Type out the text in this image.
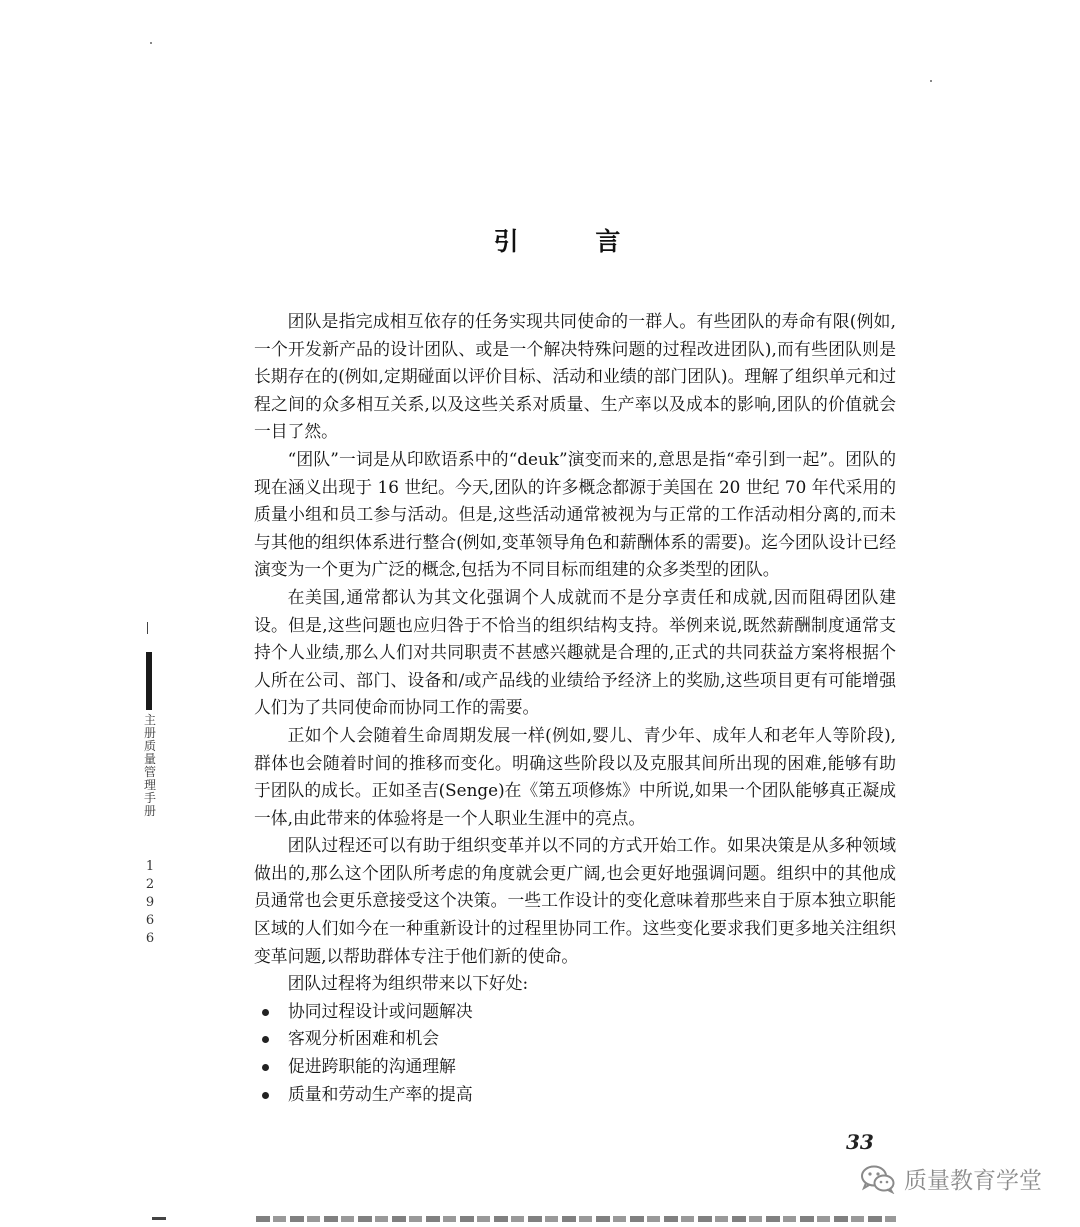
引 言

团队是指完成相互依存的任务实现共同使命的一群人。有些团队的寿命有限(例如,一个开发新产品的设计团队、或是一个解决特殊问题的过程改进团队),而有些团队则是长期存在的(例如,定期碰面以评价目标、活动和业绩的部门团队)。理解了组织单元和过程之间的众多相互关系,以及这些关系对质量、生产率以及成本的影响,团队的价值就会一目了然。

“团队”一词是从印欧语系中的“deuk”演变而来的,意思是指“牵引到一起”。团队的现在涵义出现于 16 世纪。今天,团队的许多概念都源于美国在 20 世纪 70 年代采用的质量小组和员工参与活动。但是,这些活动通常被视为与正常的工作活动相分离的,而未与其他的组织体系进行整合(例如,变革领导角色和薪酬体系的需要)。迄今团队设计已经演变为一个更为广泛的概念,包括为不同目标而组建的众多类型的团队。

在美国,通常都认为其文化强调个人成就而不是分享责任和成就,因而阻碍团队建设。但是,这些问题也应归咎于不恰当的组织结构支持。举例来说,既然薪酬制度通常支持个人业绩,那么人们对共同职责不甚感兴趣就是合理的,正式的共同获益方案将根据个人所在公司、部门、设备和/或产品线的业绩给予经济上的奖励,这些项目更有可能增强人们为了共同使命而协同工作的需要。

正如个人会随着生命周期发展一样(例如,婴儿、青少年、成年人和老年人等阶段),群体也会随着时间的推移而变化。明确这些阶段以及克服其间所出现的困难,能够有助于团队的成长。正如圣吉(Senge)在《第五项修炼》中所说,如果一个团队能够真正凝成一体,由此带来的体验将是一个人职业生涯中的亮点。

团队过程还可以有助于组织变革并以不同的方式开始工作。如果决策是从多种领域做出的,那么这个团队所考虑的角度就会更广阔,也会更好地强调问题。组织中的其他成员通常也会更乐意接受这个决策。一些工作设计的变化意味着那些来自于原本独立职能区域的人们如今在一种重新设计的过程里协同工作。这些变化要求我们更多地关注组织变革问题,以帮助群体专注于他们新的使命。

团队过程将为组织带来以下好处:

协同过程设计或问题解决
客观分析困难和机会
促进跨职能的沟通理解
质量和劳动生产率的提高
主册质量管理手册
12966
33
质量教育学堂
